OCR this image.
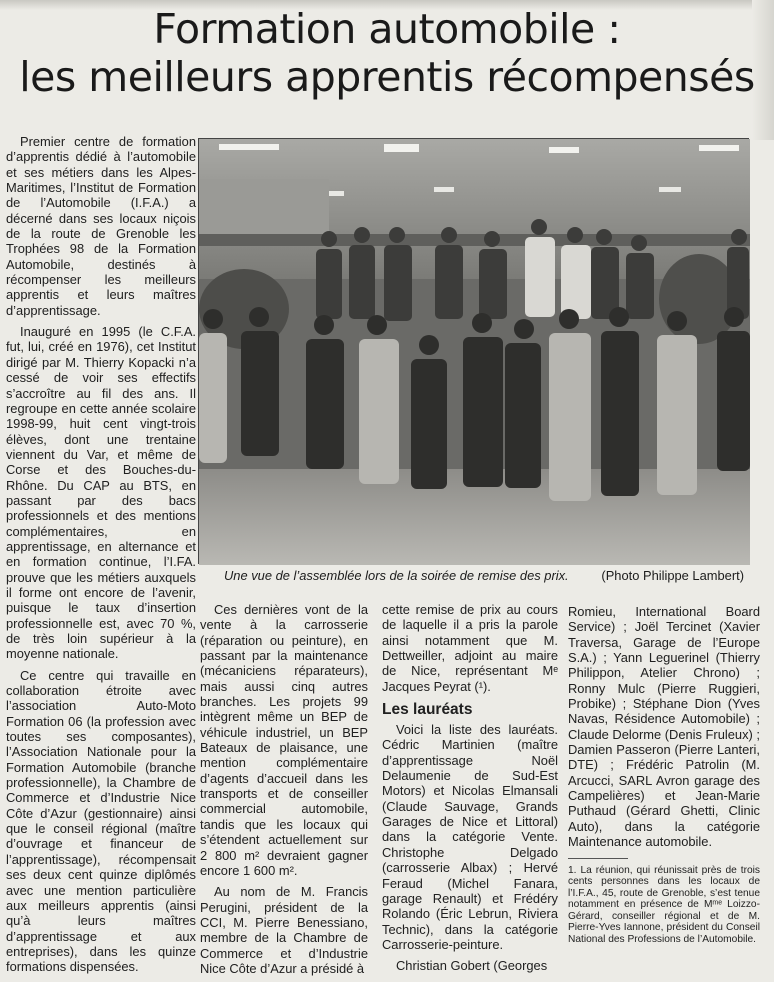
Formation automobile :
les meilleurs apprentis récompensés

Premier centre de formation d’apprentis dédié à l’automobile et ses métiers dans les Alpes-Maritimes, l’Institut de Formation de l’Automobile (I.F.A.) a décerné dans ses locaux niçois de la route de Grenoble les Trophées 98 de la Formation Automobile, destinés à récompenser les meilleurs apprentis et leurs maîtres d’apprentissage.

Inauguré en 1995 (le C.F.A. fut, lui, créé en 1976), cet Institut dirigé par M. Thierry Kopacki n’a cessé de voir ses effectifs s’accroître au fil des ans. Il regroupe en cette année scolaire 1998-99, huit cent vingt-trois élèves, dont une trentaine viennent du Var, et même de Corse et des Bouches-du-Rhône. Du CAP au BTS, en passant par des bacs professionnels et des mentions complémentaires, en apprentissage, en alternance et en formation continue, l’I.FA. prouve que les métiers auxquels il forme ont encore de l’avenir, puisque le taux d’insertion professionnelle est, avec 70 %, de très loin supérieur à la moyenne nationale.

Ce centre qui travaille en collaboration étroite avec l’association Auto-Moto Formation 06 (la profession avec toutes ses composantes), l’Association Nationale pour la Formation Automobile (branche professionnelle), la Chambre de Commerce et d’Industrie Nice Côte d’Azur (gestionnaire) ainsi que le conseil régional (maître d’ouvrage et financeur de l’apprentissage), récompensait ses deux cent quinze diplômés avec une mention particulière aux meilleurs apprentis (ainsi qu’à leurs maîtres d’apprentissage et aux entreprises), dans les quinze formations dispensées.

Une vue de l’assemblée lors de la soirée de remise des prix.	(Photo Philippe Lambert)

Ces dernières vont de la vente à la carrosserie (réparation ou peinture), en passant par la maintenance (mécaniciens réparateurs), mais aussi cinq autres branches. Les projets 99 intègrent même un BEP de véhicule industriel, un BEP Bateaux de plaisance, une mention complémentaire d’agents d’accueil dans les transports et de conseiller commercial automobile, tandis que les locaux qui s’étendent actuellement sur 2 800 m² devraient gagner encore 1 600 m².

Au nom de M. Francis Perugini, président de la CCI, M. Pierre Benessiano, membre de la Chambre de Commerce et d’Industrie Nice Côte d’Azur a présidé à

cette remise de prix au cours de laquelle il a pris la parole ainsi notamment que M. Dettweiller, adjoint au maire de Nice, représentant Mᵉ Jacques Peyrat (¹).

Les lauréats

Voici la liste des lauréats. Cédric Martinien (maître d’apprentissage Noël Delaumenie de Sud-Est Motors) et Nicolas Elmansali (Claude Sauvage, Grands Garages de Nice et Littoral) dans la catégorie Vente. Christophe Delgado (carrosserie Albax) ; Hervé Feraud (Michel Fanara, garage Renault) et Frédéry Rolando (Éric Lebrun, Riviera Technic), dans la catégorie Carrosserie-peinture.

Christian Gobert (Georges

Romieu, International Board Service) ; Joël Tercinet (Xavier Traversa, Garage de l’Europe S.A.) ; Yann Leguerinel (Thierry Philippon, Atelier Chrono) ; Ronny Mulc (Pierre Ruggieri, Probike) ; Stéphane Dion (Yves Navas, Résidence Automobile) ; Claude Delorme (Denis Fruleux) ; Damien Passeron (Pierre Lanteri, DTE) ; Frédéric Patrolin (M. Arcucci, SARL Avron garage des Campelières) et Jean-Marie Puthaud (Gérard Ghetti, Clinic Auto), dans la catégorie Maintenance automobile.

1. La réunion, qui réunissait près de trois cents personnes dans les locaux de l’I.F.A., 45, route de Grenoble, s’est tenue notamment en présence de Mᵐᵉ Loizzo-Gérard, conseiller régional et de M. Pierre-Yves Iannone, président du Conseil National des Professions de l’Automobile.
